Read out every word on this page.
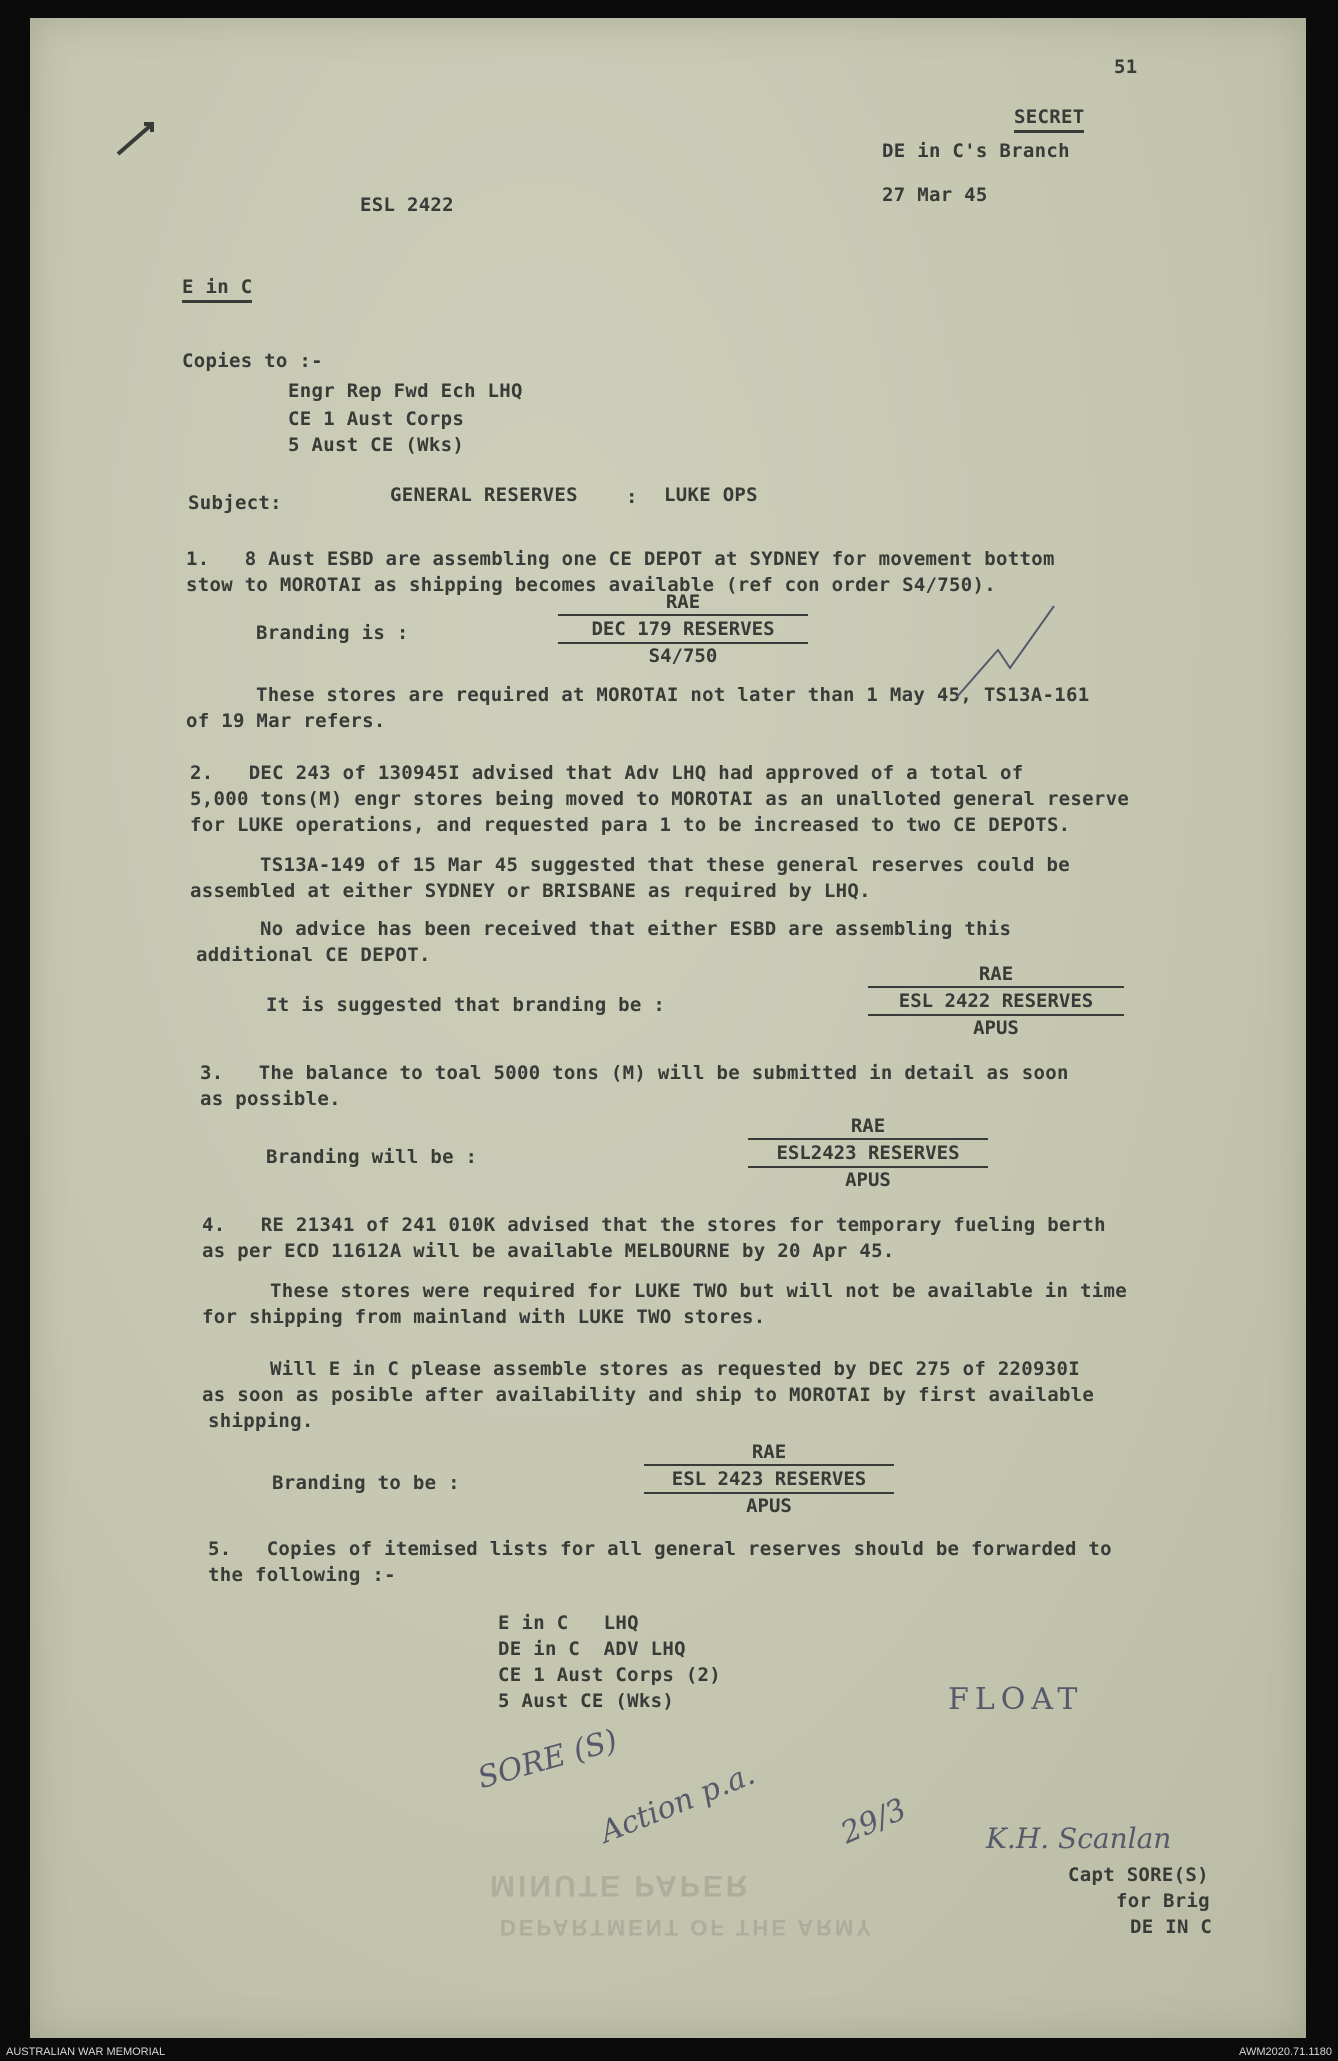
51
SECRET
DE in C's Branch
ESL 2422	27 Mar 45
E in C
Copies to :-
Engr Rep Fwd Ech LHQ
CE 1 Aust Corps
5 Aust CE (Wks)
Subject:	GENERAL RESERVES	: LUKE OPS
1.   8 Aust ESBD are assembling one CE DEPOT at SYDNEY for movement bottom
stow to MOROTAI as shipping becomes available (ref con order S4/750).
Branding is :
RAE
DEC 179 RESERVES
S4/750
These stores are required at MOROTAI not later than 1 May 45, TS13A-161
of 19 Mar refers.
2.   DEC 243 of 130945I advised that Adv LHQ had approved of a total of
5,000 tons(M) engr stores being moved to MOROTAI as an unalloted general reserve
for LUKE operations, and requested para 1 to be increased to two CE DEPOTS.
TS13A-149 of 15 Mar 45 suggested that these general reserves could be
assembled at either SYDNEY or BRISBANE as required by LHQ.
No advice has been received that either ESBD are assembling this
additional CE DEPOT.
It is suggested that branding be :
RAE
ESL 2422 RESERVES
APUS
3.   The balance to toal 5000 tons (M) will be submitted in detail as soon
as possible.
Branding will be :
RAE
ESL2423 RESERVES
APUS
4.   RE 21341 of 241 010K advised that the stores for temporary fueling berth
as per ECD 11612A will be available MELBOURNE by 20 Apr 45.
These stores were required for LUKE TWO but will not be available in time
for shipping from mainland with LUKE TWO stores.
Will E in C please assemble stores as requested by DEC 275 of 220930I
as soon as posible after availability and ship to MOROTAI by first available
shipping.
Branding to be :
RAE
ESL 2423 RESERVES
APUS
5.   Copies of itemised lists for all general reserves should be forwarded to
the following :-
E in C   LHQ
DE in C  ADV LHQ
CE 1 Aust Corps (2)
5 Aust CE (Wks)
MINUTE PAPER
DEPARTMENT OF THE ARMY
FLOAT
SORE (S)
Action p.a.	29/3	K.H. Scanlan
Capt SORE(S)
for Brig
DE IN C
AUSTRALIAN WAR MEMORIAL	AWM2020.71.1180
